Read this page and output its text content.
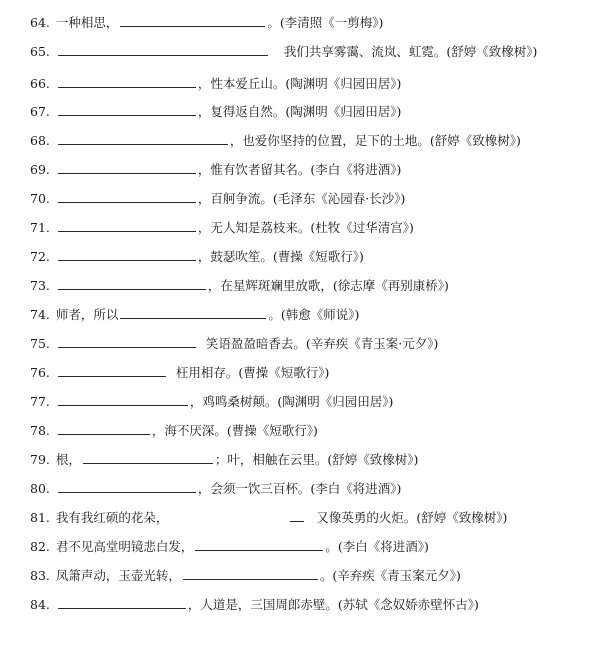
64. 一种相思，	。(李清照《一剪梅》)
65.	我们共享雾霭、流岚、虹霓。(舒婷《致橡树》)
66.	，性本爱丘山。(陶渊明《归园田居》)
67.	，复得返自然。(陶渊明《归园田居》)
68.	，也爱你坚持的位置，足下的土地。(舒婷《致橡树》)
69.	，惟有饮者留其名。(李白《将进酒》)
70.	，百舸争流。(毛泽东《沁园春·长沙》)
71.	，无人知是荔枝来。(杜牧《过华清宫》)
72.	，鼓瑟吹笙。(曹操《短歌行》)
73.	，在星辉斑斓里放歌，(徐志摩《再别康桥》)
74. 师者，所以	。(韩愈《师说》)
75.	笑语盈盈暗香去。(辛弃疾《青玉案·元夕》)
76.	枉用相存。(曹操《短歌行》)
77.	，鸡鸣桑树颠。(陶渊明《归园田居》)
78.	，海不厌深。(曹操《短歌行》)
79. 根，	；叶，相触在云里。(舒婷《致橡树》)
80.	，会须一饮三百杯。(李白《将进酒》)
81. 我有我红硕的花朵，	又像英勇的火炬。(舒婷《致橡树》)
82. 君不见高堂明镜悲白发，	。(李白《将进酒》)
83. 凤箫声动，玉壶光转，	。(辛弃疾《青玉案元夕》)
84.	，人道是，三国周郎赤壁。(苏轼《念奴娇赤壁怀古》)
